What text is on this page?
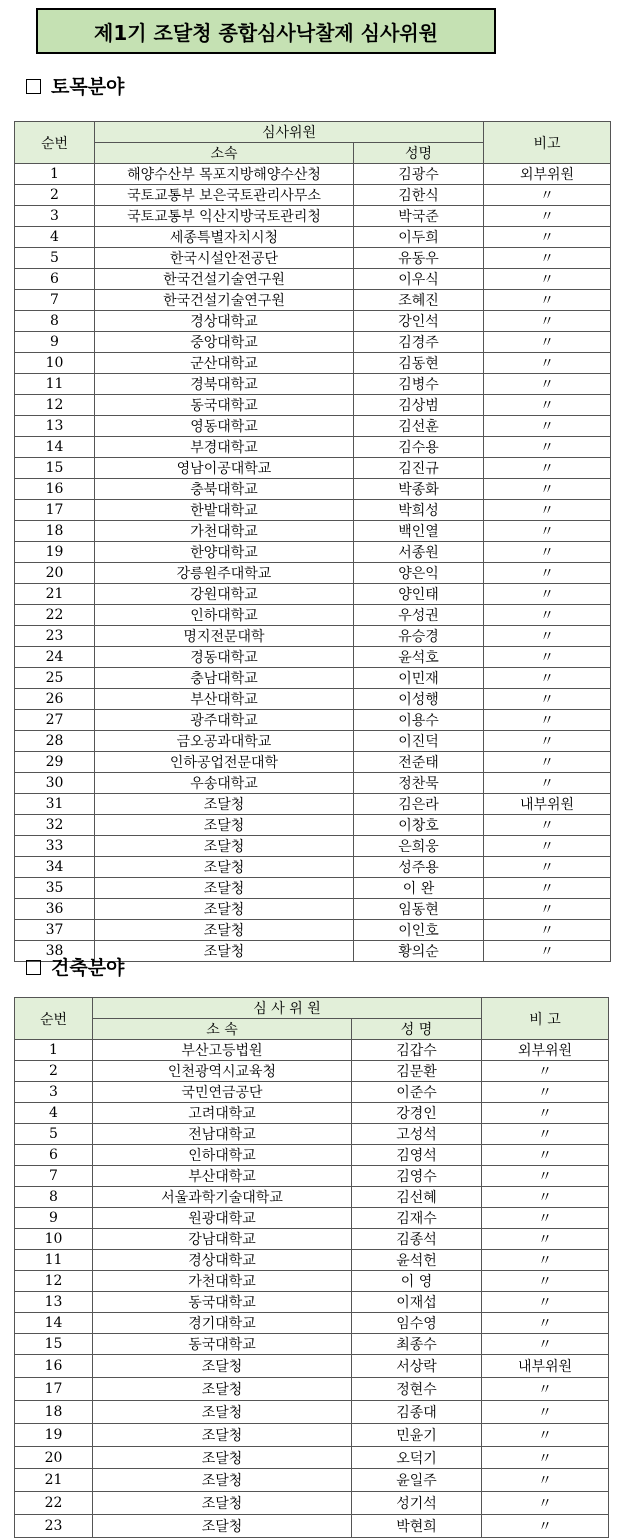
제1기 조달청 종합심사낙찰제 심사위원
토목분야
순번	심사위원		비고
	소속	성명	
1	해양수산부 목포지방해양수산청	김광수	외부위원
2	국토교통부 보은국토관리사무소	김한식	〃
3	국토교통부 익산지방국토관리청	박국준	〃
4	세종특별자치시청	이두희	〃
5	한국시설안전공단	유동우	〃
6	한국건설기술연구원	이우식	〃
7	한국건설기술연구원	조혜진	〃
8	경상대학교	강인석	〃
9	중앙대학교	김경주	〃
10	군산대학교	김동현	〃
11	경북대학교	김병수	〃
12	동국대학교	김상범	〃
13	영동대학교	김선훈	〃
14	부경대학교	김수용	〃
15	영남이공대학교	김진규	〃
16	충북대학교	박종화	〃
17	한밭대학교	박희성	〃
18	가천대학교	백인열	〃
19	한양대학교	서종원	〃
20	강릉원주대학교	양은익	〃
21	강원대학교	양인태	〃
22	인하대학교	우성권	〃
23	명지전문대학	유승경	〃
24	경동대학교	윤석호	〃
25	충남대학교	이민재	〃
26	부산대학교	이성행	〃
27	광주대학교	이용수	〃
28	금오공과대학교	이진덕	〃
29	인하공업전문대학	전준태	〃
30	우송대학교	정찬묵	〃
31	조달청	김은라	내부위원
32	조달청	이창호	〃
33	조달청	은희웅	〃
34	조달청	성주용	〃
35	조달청	이 완	〃
36	조달청	임동현	〃
37	조달청	이인호	〃
38	조달청	황의순	〃
건축분야
순번	심 사 위 원		비 고
	소 속	성 명	
1	부산고등법원	김갑수	외부위원
2	인천광역시교육청	김문환	〃
3	국민연금공단	이준수	〃
4	고려대학교	강경인	〃
5	전남대학교	고성석	〃
6	인하대학교	김영석	〃
7	부산대학교	김영수	〃
8	서울과학기술대학교	김선혜	〃
9	원광대학교	김재수	〃
10	강남대학교	김종석	〃
11	경상대학교	윤석헌	〃
12	가천대학교	이 영	〃
13	동국대학교	이재섭	〃
14	경기대학교	임수영	〃
15	동국대학교	최종수	〃
16	조달청	서상락	내부위원
17	조달청	정현수	〃
18	조달청	김종대	〃
19	조달청	민윤기	〃
20	조달청	오덕기	〃
21	조달청	윤일주	〃
22	조달청	성기석	〃
23	조달청	박현희	〃
